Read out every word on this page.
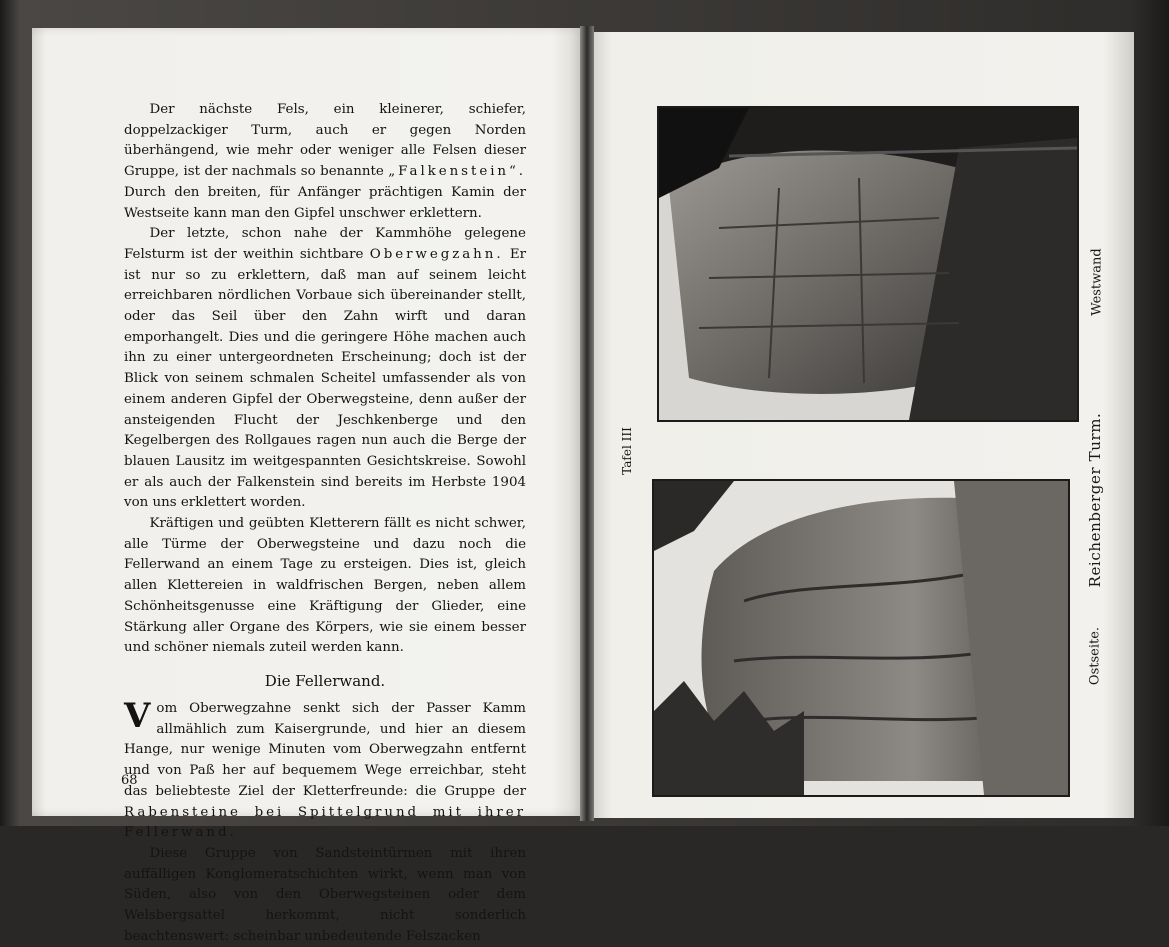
Der nächste Fels, ein kleinerer, schiefer, doppelzackiger Turm, auch er gegen Norden überhängend, wie mehr oder weniger alle Felsen dieser Gruppe, ist der nachmals so benannte „Falkenstein“. Durch den breiten, für Anfänger prächtigen Kamin der Westseite kann man den Gipfel unschwer erklettern.

Der letzte, schon nahe der Kammhöhe gelegene Felsturm ist der weithin sichtbare Oberwegzahn. Er ist nur so zu erklettern, daß man auf seinem leicht erreichbaren nördlichen Vorbaue sich übereinander stellt, oder das Seil über den Zahn wirft und daran emporhangelt. Dies und die geringere Höhe machen auch ihn zu einer untergeordneten Erscheinung; doch ist der Blick von seinem schmalen Scheitel umfassender als von einem anderen Gipfel der Oberwegsteine, denn außer der ansteigenden Flucht der Jeschkenberge und den Kegelbergen des Rollgaues ragen nun auch die Berge der blauen Lausitz im weitgespannten Gesichtskreise. Sowohl er als auch der Falkenstein sind bereits im Herbste 1904 von uns erklettert worden.

Kräftigen und geübten Kletterern fällt es nicht schwer, alle Türme der Oberwegsteine und dazu noch die Fellerwand an einem Tage zu ersteigen. Dies ist, gleich allen Klettereien in waldfrischen Bergen, neben allem Schönheitsgenusse eine Kräftigung der Glieder, eine Stärkung aller Organe des Körpers, wie sie einem besser und schöner niemals zuteil werden kann.

Die Fellerwand.

Vom Oberwegzahne senkt sich der Passer Kamm allmählich zum Kaisergrunde, und hier an diesem Hange, nur wenige Minuten vom Oberwegzahn entfernt und von Paß her auf bequemem Wege erreichbar, steht das beliebteste Ziel der Kletterfreunde: die Gruppe der Rabensteine bei Spittelgrund mit ihrer Fellerwand.

Diese Gruppe von Sandsteintürmen mit ihren auffälligen Konglomeratschichten wirkt, wenn man von Süden, also von den Oberwegsteinen oder dem Welsbergsattel herkommt, nicht sonderlich beachtenswert: scheinbar unbedeutende Felszacken

68
Tafel III
Westwand
Reichenberger Turm.
Ostseite.
